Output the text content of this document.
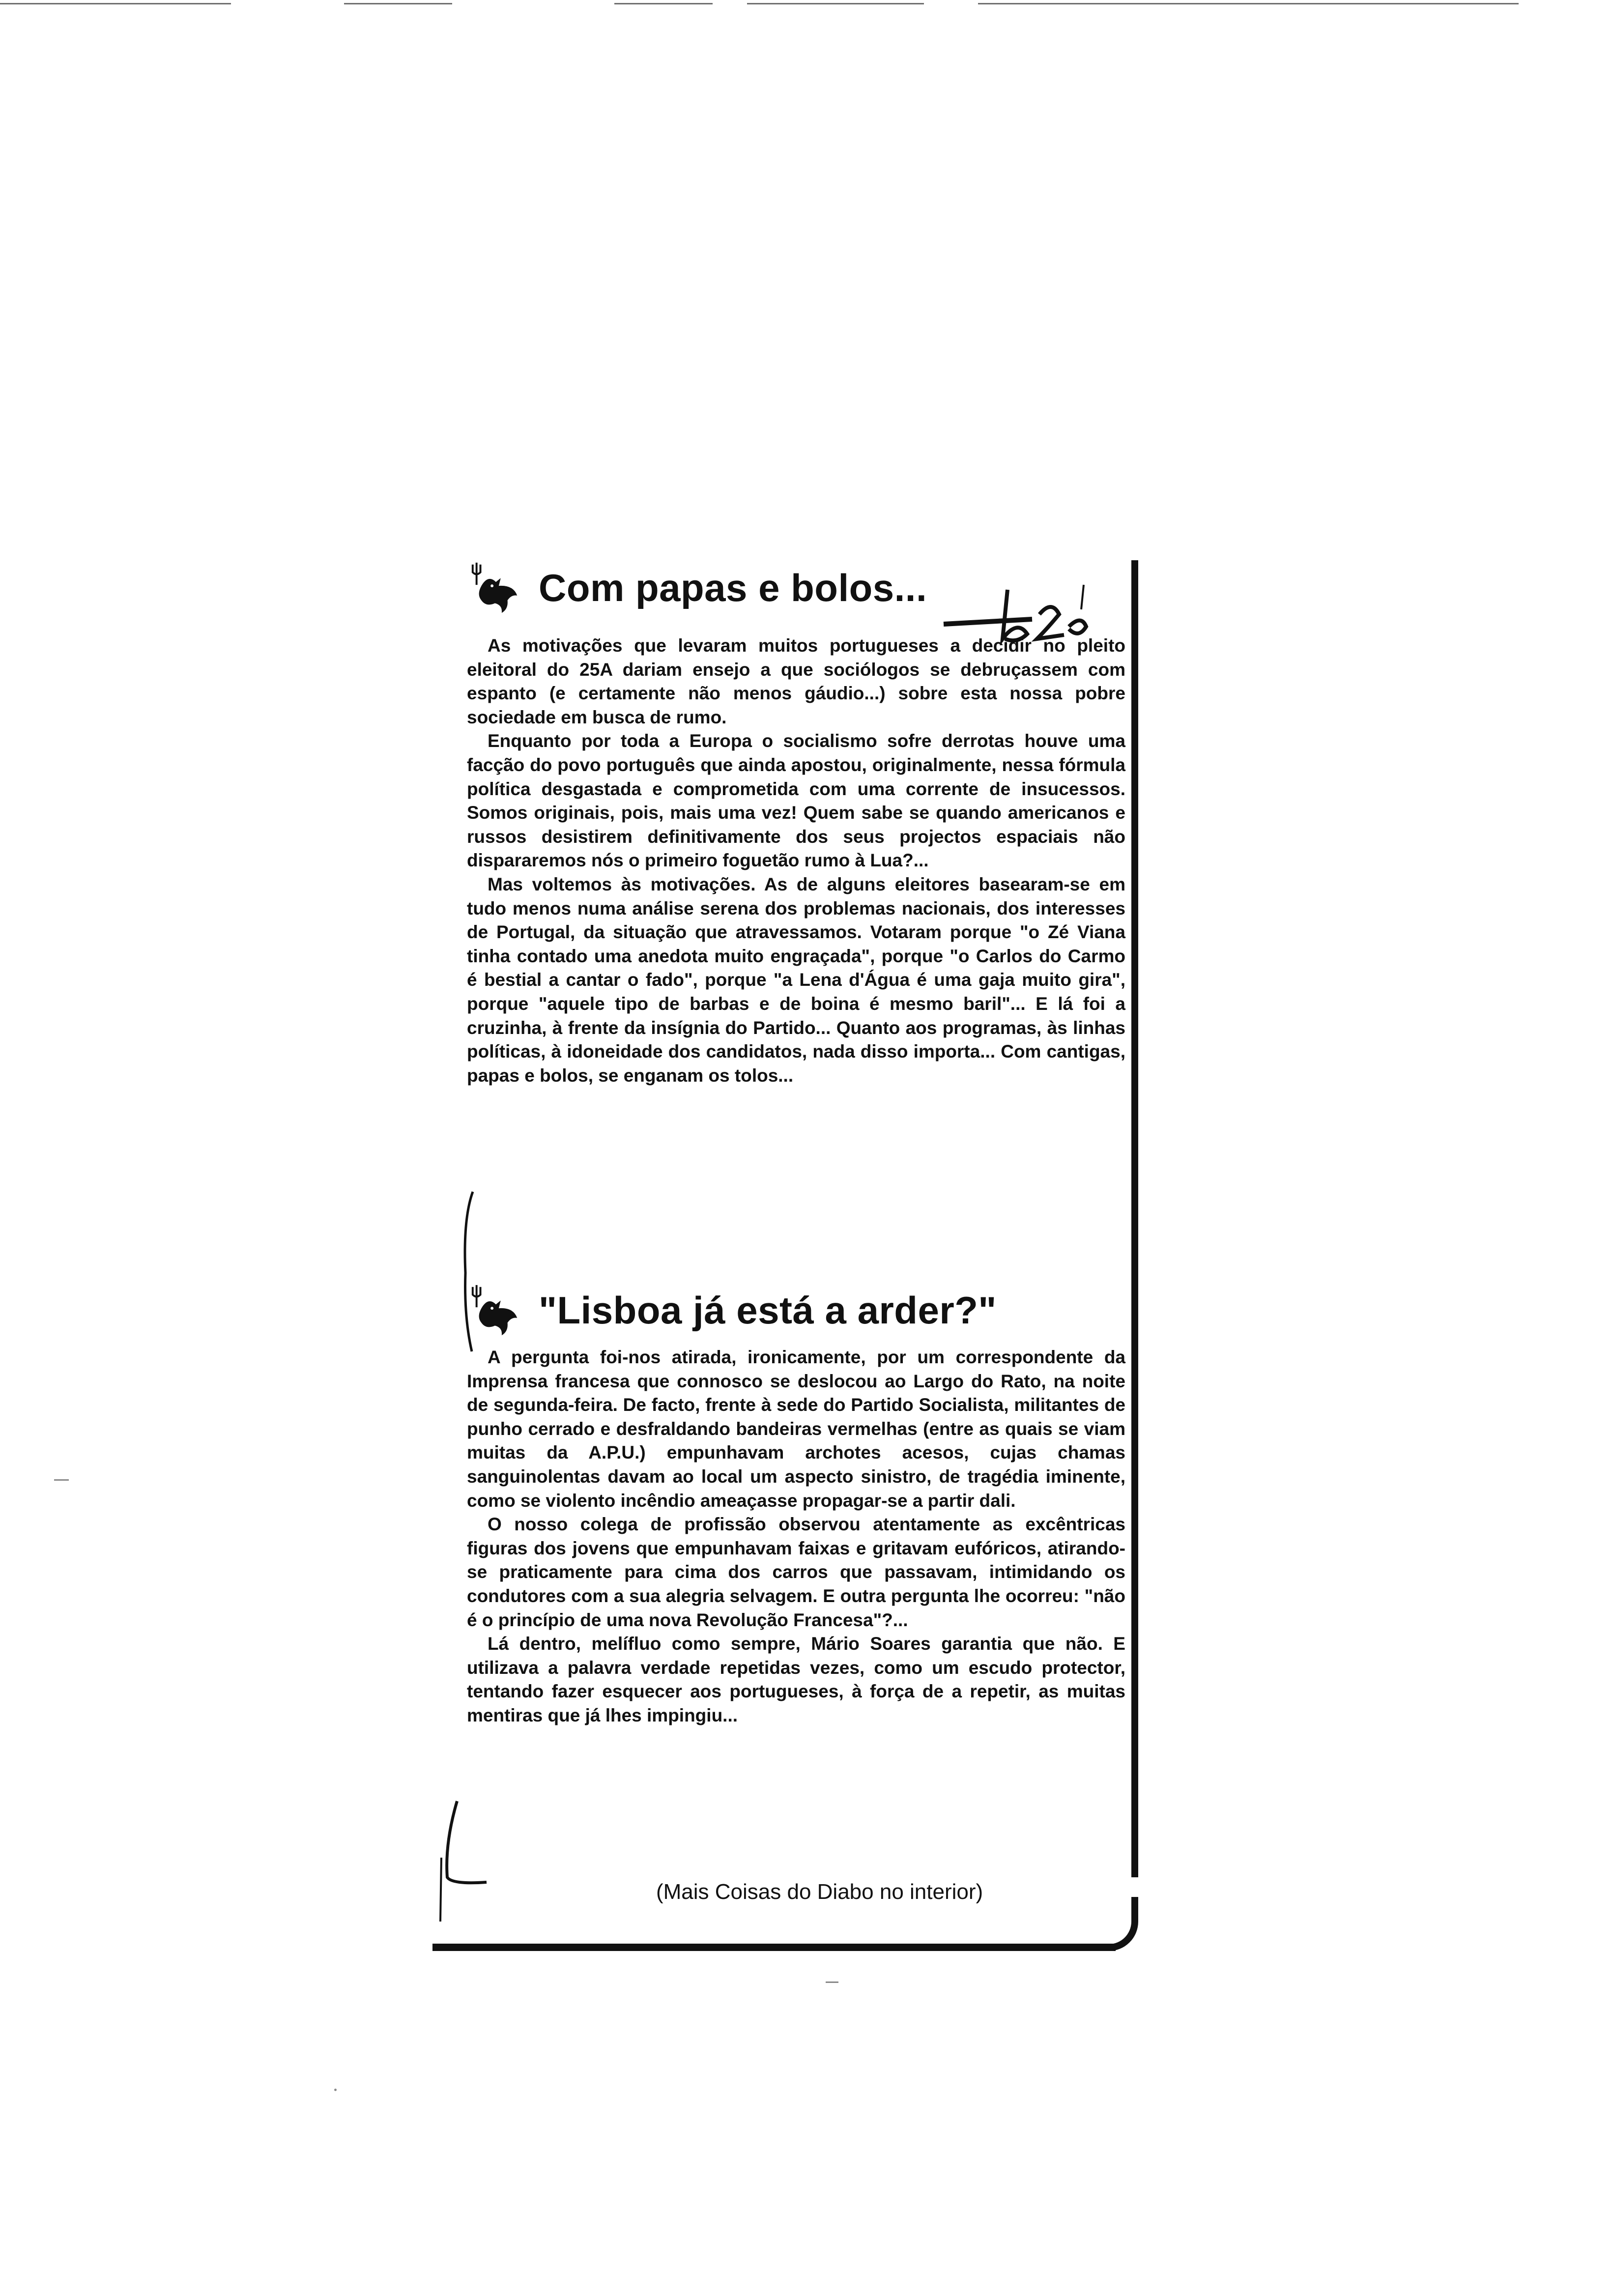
Com papas e bolos...

As motivações que levaram muitos portugueses a decidir no pleito eleitoral do 25A dariam ensejo a que sociólogos se debruçassem com espanto (e certamente não menos gáudio...) sobre esta nossa pobre sociedade em busca de rumo.

Enquanto por toda a Europa o socialismo sofre derrotas houve uma facção do povo português que ainda apostou, originalmente, nessa fórmula política desgastada e comprometida com uma corrente de insucessos. Somos originais, pois, mais uma vez! Quem sabe se quando americanos e russos desistirem definitivamente dos seus projectos espaciais não dispararemos nós o primeiro foguetão rumo à Lua?...

Mas voltemos às motivações. As de alguns eleitores basearam-se em tudo menos numa análise serena dos problemas nacionais, dos interesses de Portugal, da situação que atravessamos. Votaram porque "o Zé Viana tinha contado uma anedota muito engraçada", porque "o Carlos do Carmo é bestial a cantar o fado", porque "a Lena d'Água é uma gaja muito gira", porque "aquele tipo de barbas e de boina é mesmo baril"... E lá foi a cruzinha, à frente da insígnia do Partido... Quanto aos programas, às linhas políticas, à idoneidade dos candidatos, nada disso importa... Com cantigas, papas e bolos, se enganam os tolos...

"Lisboa já está a arder?"

A pergunta foi-nos atirada, ironicamente, por um correspondente da Imprensa francesa que connosco se deslocou ao Largo do Rato, na noite de segunda-feira. De facto, frente à sede do Partido Socialista, militantes de punho cerrado e desfraldando bandeiras vermelhas (entre as quais se viam muitas da A.P.U.) empunhavam archotes acesos, cujas chamas sanguinolentas davam ao local um aspecto sinistro, de tragédia iminente, como se violento incêndio ameaçasse propagar-se a partir dali.

O nosso colega de profissão observou atentamente as excêntricas figuras dos jovens que empunhavam faixas e gritavam eufóricos, atirando-se praticamente para cima dos carros que passavam, intimidando os condutores com a sua alegria selvagem. E outra pergunta lhe ocorreu: "não é o princípio de uma nova Revolução Francesa"?...

Lá dentro, melífluo como sempre, Mário Soares garantia que não. E utilizava a palavra verdade repetidas vezes, como um escudo protector, tentando fazer esquecer aos portugueses, à força de a repetir, as muitas mentiras que já lhes impingiu...

(Mais Coisas do Diabo no interior)
